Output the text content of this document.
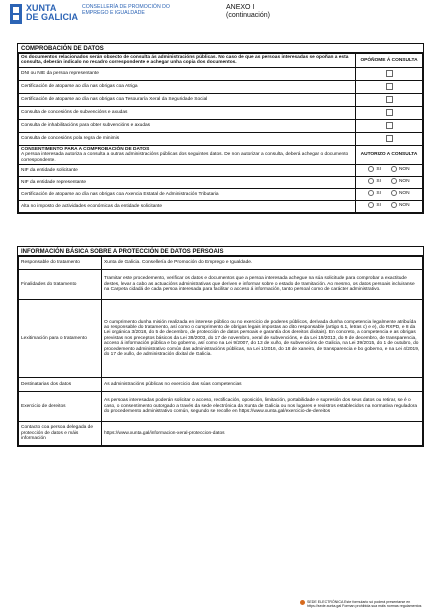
XUNTA
DE GALICIA
CONSELLERÍA DE PROMOCIÓN DO EMPREGO E IGUALDADE
ANEXO I
(continuación)
COMPROBACIÓN DE DATOS
Os documentos relacionados serán obxecto de consulta ás administracións públicas. No caso de que as persoas interesadas se opoñan a esta consulta, deberán indicalo no recadro correspondente e achegar unha copia dos documentos.	OPÓÑOME Á CONSULTA
DNI ou NIE da persoa representante	
Certificación de atoparse ao día nas obrigas coa Atriga	
Certificación de atoparse ao día nas obrigas coa Tesouraría Xeral da Seguridade Social	
Consulta de concesións de subvencións e axudas	
Consulta de inhabilitacións para obter subvencións e axudas	
Consulta de concesións pola regra de minimis	

CONSENTIMENTO PARA A COMPROBACIÓN DE DATOS
A persoa interesada autoriza a consulta a outras administracións públicas dos seguintes datos. De non autorizar a consulta, deberá achegar o documento correspondente.	AUTORIZO A CONSULTA
NIF da entidade solicitante	SI NON

NIF da entidade representante	SI NON

Certificación de atoparse ao día nas obrigas coa Axencia Estatal de Administración Tributaria	SI NON

Alta no imposto de actividades económicas da entidade solicitante	SI NON
INFORMACIÓN BÁSICA SOBRE A PROTECCIÓN DE DATOS PERSOAIS
Responsable do tratamento	Xunta de Galicia. Consellería de Promoción do Emprego e Igualdade.
Finalidades do tratamento	Tramitar este procedemento, verificar os datos e documentos que a persoa interesada achegue na súa solicitude para comprobar a exactitude destes, levar a cabo as actuacións administrativas que deriven e informar sobre o estado de tramitación. Ao mesmo, os datos persoais incluiranse na Carpeta cidadá de cada persoa interesada para facilitar o acceso á información, tanto persoal como de carácter administrativo.
Lexitimación para o tratamento	O cumprimento dunha misión realizada en interese público ou no exercicio de poderes públicos, derivada dunha competencia legalmente atribuída ao responsable do tratamento, así como o cumprimento de obrigas legais impostas ao dito responsable (artigo 6.1, letras c) e e), do RXPD, e 8 da Lei orgánica 3/2018, do 5 de decembro, de protección de datos persoais e garantía dos dereitos dixitais). En concreto, a competencia e as obrigas previstas nos preceptos básicos da Lei 38/2003, do 17 de novembro, xeral de subvencións, e da Lei 19/2013, do 9 de decembro, de transparencia, acceso á información pública e bo goberno, así como na Lei 9/2007, do 13 de xuño, de subvencións de Galicia, na Lei 39/2015, do 1 de outubro, do procedemento administrativo común das administracións públicas, na Lei 1/2016, do 18 de xaneiro, de transparencia e bo goberno, e na Lei 4/2019, do 17 de xullo, de administración dixital de Galicia.
Destinatarias dos datos	As administracións públicas no exercicio das súas competencias
Exercicio de dereitos	As persoas interesadas poderán solicitar o acceso, rectificación, oposición, limitación, portabilidade e supresión dos seus datos ou retirar, se é o caso, o consentimento outorgado a través da sede electrónica da Xunta de Galicia ou nos lugares e rexistros establecidos na normativa reguladora do procedemento administrativo común, segundo se recolle en https://www.xunta.gal/exercicio-de-dereitos
Contacto coa persoa delegada de protección de datos e máis información	https://www.xunta.gal/informacion-xeral-proteccion-datos
SEDE ELECTRÓNICA Este formulario só poderá presentarse en https://sede.xunta.gal Forman prohibida sua máis normas regulamentos
